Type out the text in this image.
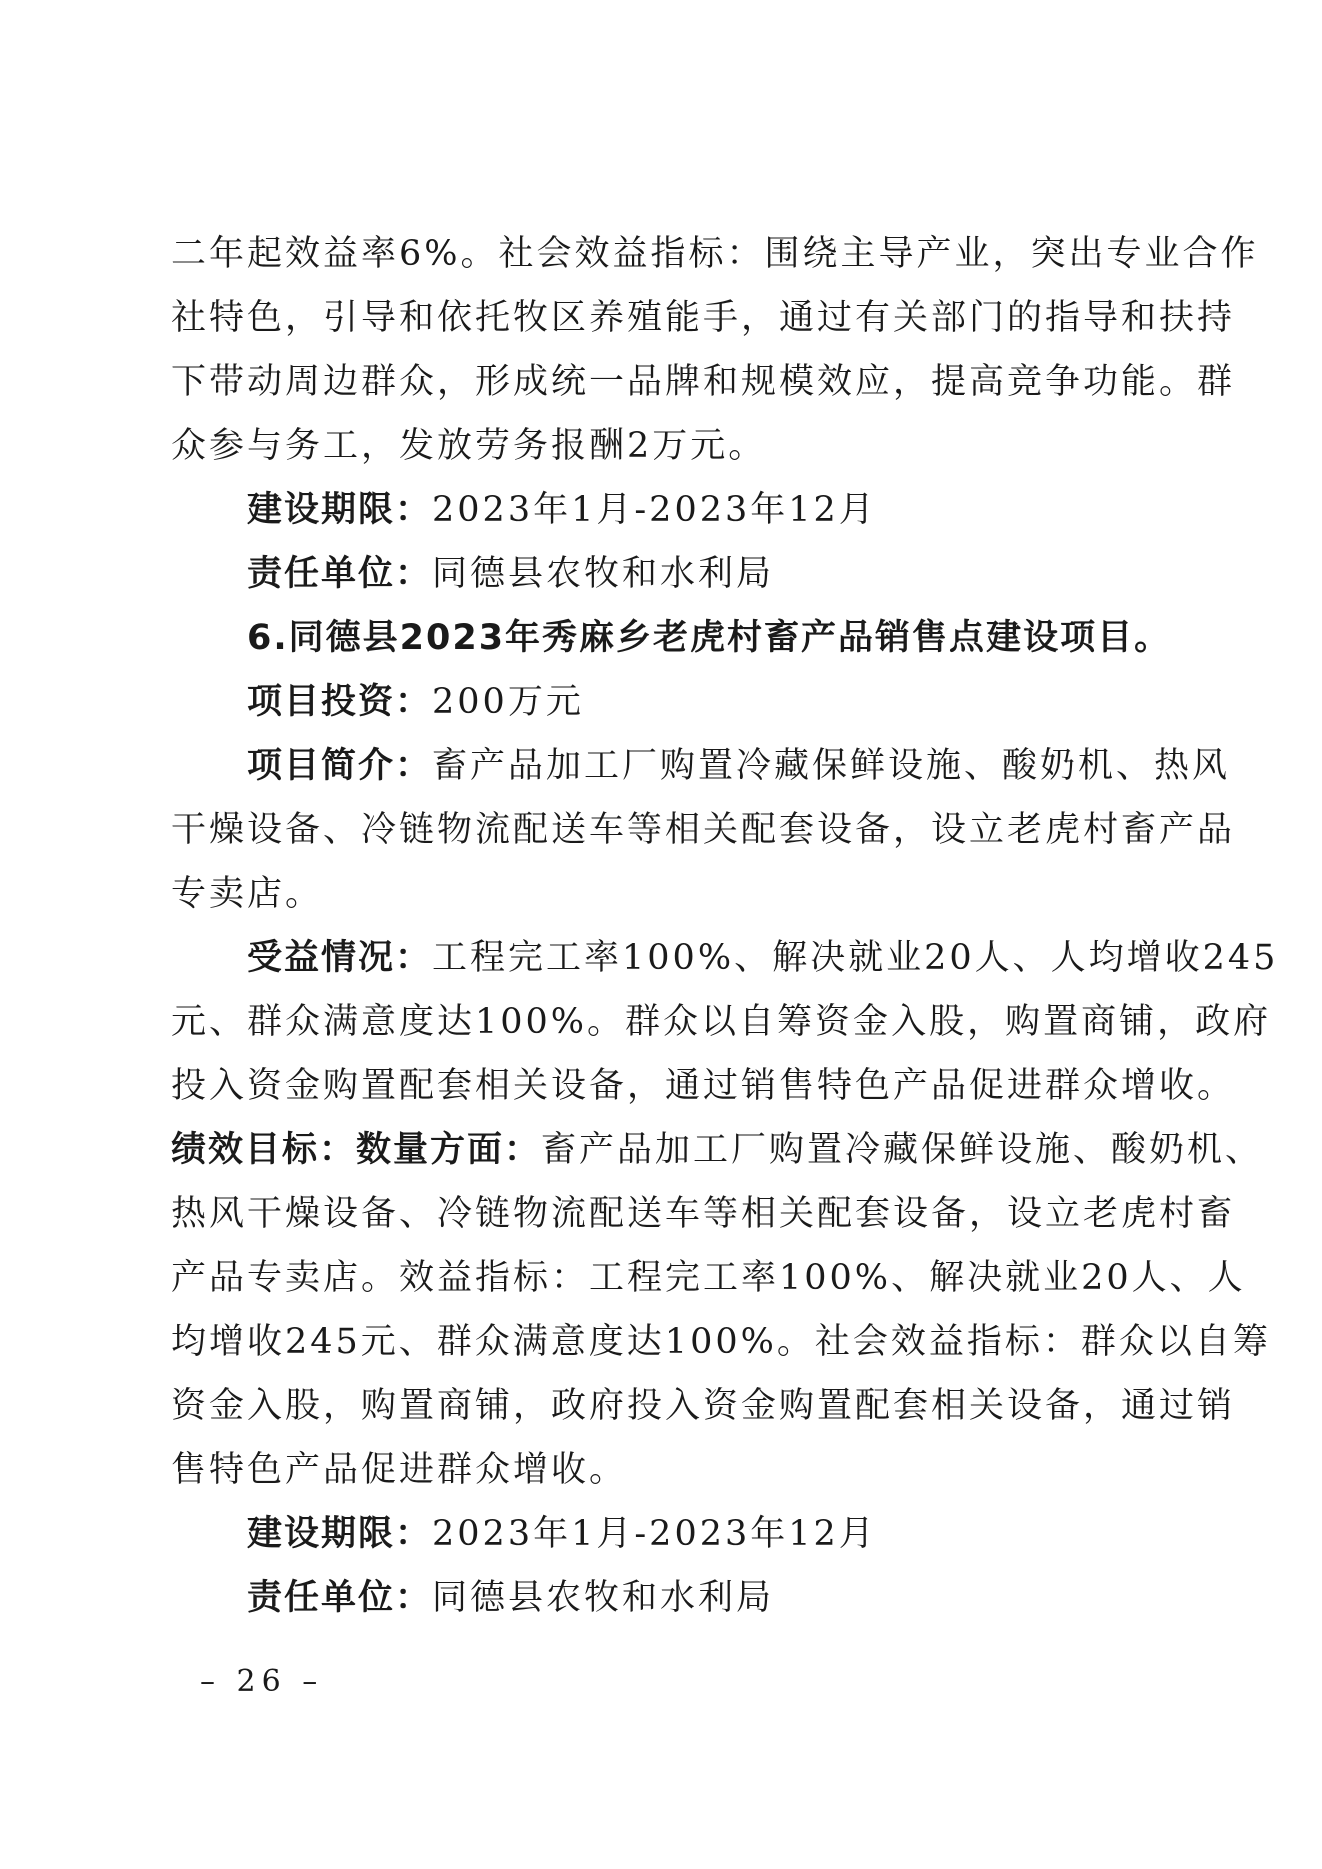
二年起效益率6%。社会效益指标：围绕主导产业，突出专业合作
社特色，引导和依托牧区养殖能手，通过有关部门的指导和扶持
下带动周边群众，形成统一品牌和规模效应，提高竞争功能。群
众参与务工，发放劳务报酬2万元。
建设期限：2023年1月-2023年12月
责任单位：同德县农牧和水利局
6.同德县2023年秀麻乡老虎村畜产品销售点建设项目。
项目投资：200万元
项目简介：畜产品加工厂购置冷藏保鲜设施、酸奶机、热风
干燥设备、冷链物流配送车等相关配套设备，设立老虎村畜产品
专卖店。
受益情况：工程完工率100%、解决就业20人、人均增收245
元、群众满意度达100%。群众以自筹资金入股，购置商铺，政府
投入资金购置配套相关设备，通过销售特色产品促进群众增收。
绩效目标：数量方面：畜产品加工厂购置冷藏保鲜设施、酸奶机、
热风干燥设备、冷链物流配送车等相关配套设备，设立老虎村畜
产品专卖店。效益指标：工程完工率100%、解决就业20人、人
均增收245元、群众满意度达100%。社会效益指标：群众以自筹
资金入股，购置商铺，政府投入资金购置配套相关设备，通过销
售特色产品促进群众增收。
建设期限：2023年1月-2023年12月
责任单位：同德县农牧和水利局
– 26 –
